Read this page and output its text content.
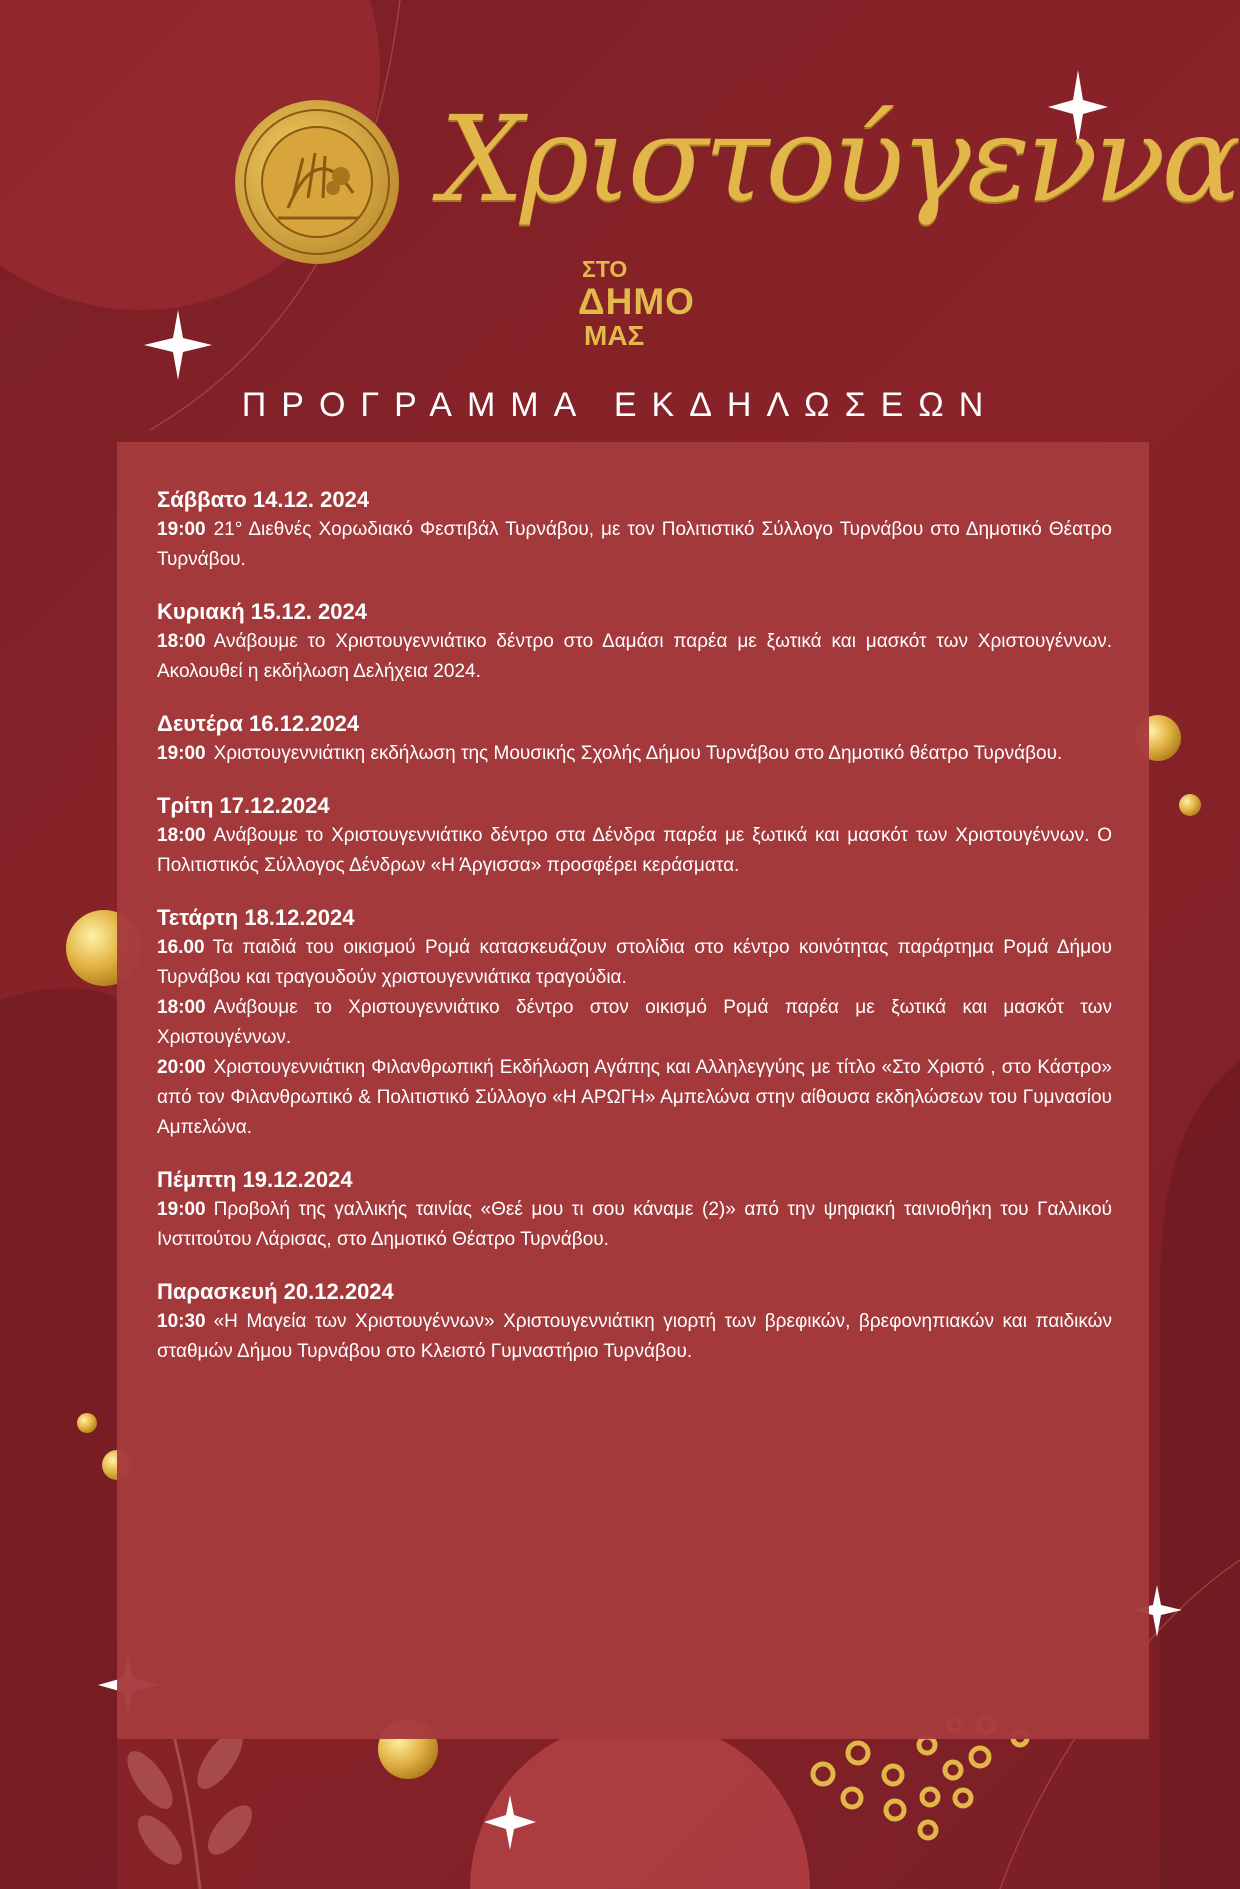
Χριστούγεννα
ΣΤΟ
ΔΗΜΟ
ΜΑΣ
ΠΡΟΓΡΑΜΜΑ ΕΚΔΗΛΩΣΕΩΝ
Σάββατο 14.12. 2024
19:00 21° Διεθνές Χορωδιακό Φεστιβάλ Τυρνάβου, με τον Πολιτιστικό Σύλλογο Τυρνάβου στο Δημοτικό Θέατρο Τυρνάβου.
Κυριακή 15.12. 2024
18:00 Ανάβουμε το Χριστουγεννιάτικο δέντρο στο Δαμάσι παρέα με ξωτικά και μασκότ των Χριστουγέννων. Ακολουθεί η εκδήλωση Δελήχεια 2024.
Δευτέρα 16.12.2024
19:00 Χριστουγεννιάτικη εκδήλωση της Μουσικής Σχολής Δήμου Τυρνάβου στο Δημοτικό θέατρο Τυρνάβου.
Τρίτη 17.12.2024
18:00 Ανάβουμε το Χριστουγεννιάτικο δέντρο στα Δένδρα παρέα με ξωτικά και μασκότ των Χριστουγέννων. Ο Πολιτιστικός Σύλλογος Δένδρων «Η Άργισσα» προσφέρει κεράσματα.
Τετάρτη 18.12.2024
16.00 Τα παιδιά του οικισμού Ρομά κατασκευάζουν στολίδια στο κέντρο κοινότητας παράρτημα Ρομά Δήμου Τυρνάβου και τραγουδούν χριστουγεννιάτικα τραγούδια.
18:00 Ανάβουμε το Χριστουγεννιάτικο δέντρο στον οικισμό Ρομά παρέα με ξωτικά και μασκότ των Χριστουγέννων.
20:00 Χριστουγεννιάτικη Φιλανθρωπική Εκδήλωση Αγάπης και Αλληλεγγύης με τίτλο «Στο Χριστό , στο Κάστρο» από τον Φιλανθρωπικό & Πολιτιστικό Σύλλογο «Η ΑΡΩΓΗ» Αμπελώνα στην αίθουσα εκδηλώσεων του Γυμνασίου Αμπελώνα.
Πέμπτη 19.12.2024
19:00 Προβολή της γαλλικής ταινίας «Θεέ μου τι σου κάναμε (2)» από την ψηφιακή ταινιοθήκη του Γαλλικού Ινστιτούτου Λάρισας, στο Δημοτικό Θέατρο Τυρνάβου.
Παρασκευή 20.12.2024
10:30 «Η Μαγεία των Χριστουγέννων» Χριστουγεννιάτικη γιορτή των βρεφικών, βρεφονηπιακών και παιδικών σταθμών Δήμου Τυρνάβου στο Κλειστό Γυμναστήριο Τυρνάβου.
